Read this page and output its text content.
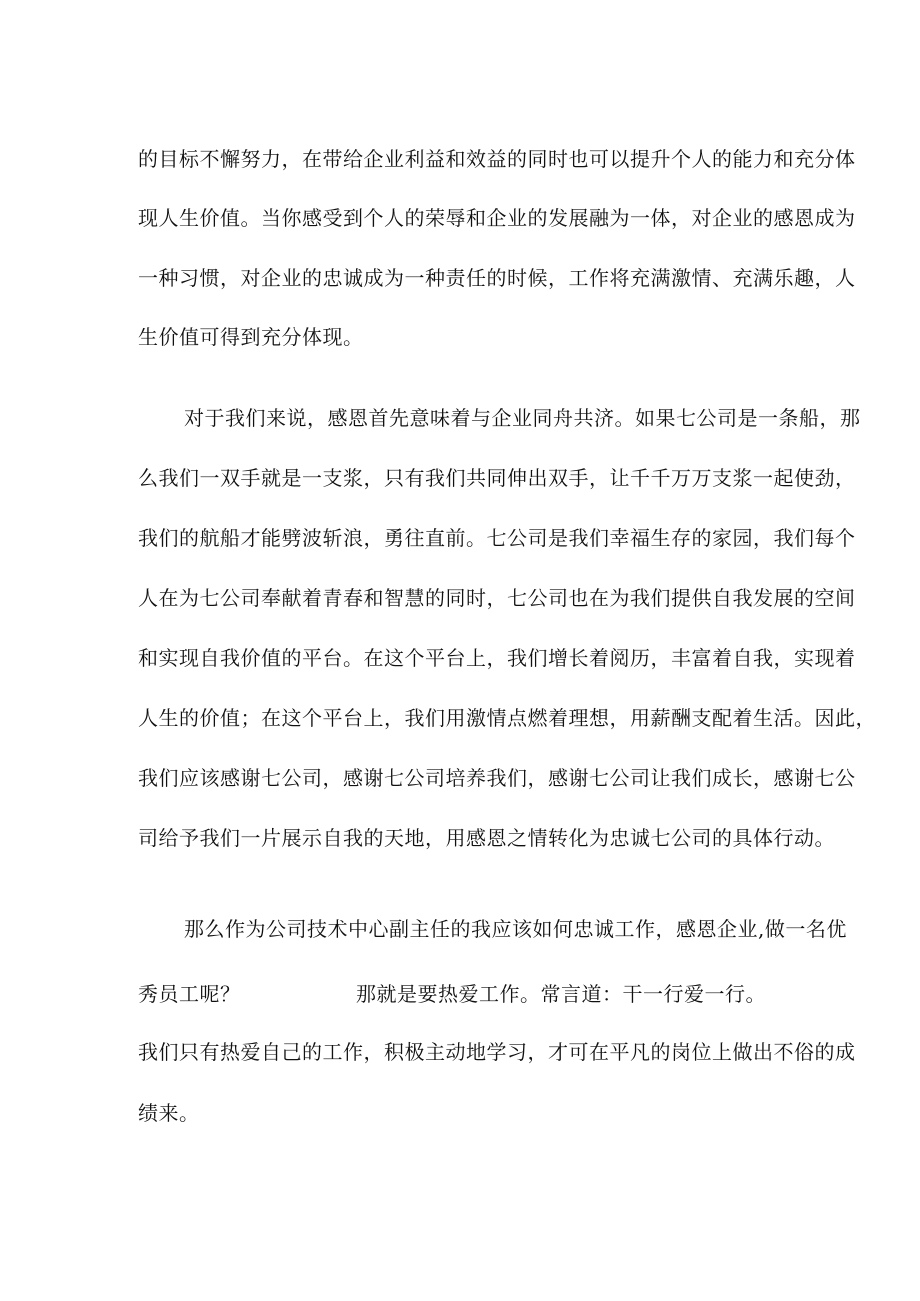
的目标不懈努力，在带给企业利益和效益的同时也可以提升个人的能力和充分体
现人生价值。当你感受到个人的荣辱和企业的发展融为一体，对企业的感恩成为
一种习惯，对企业的忠诚成为一种责任的时候，工作将充满激情、充满乐趣，人
生价值可得到充分体现。
对于我们来说，感恩首先意味着与企业同舟共济。如果七公司是一条船，那
么我们一双手就是一支浆，只有我们共同伸出双手，让千千万万支浆一起使劲，
我们的航船才能劈波斩浪，勇往直前。七公司是我们幸福生存的家园，我们每个
人在为七公司奉献着青春和智慧的同时，七公司也在为我们提供自我发展的空间
和实现自我价值的平台。在这个平台上，我们增长着阅历，丰富着自我，实现着
人生的价值；在这个平台上，我们用激情点燃着理想，用薪酬支配着生活。因此，
我们应该感谢七公司，感谢七公司培养我们，感谢七公司让我们成长，感谢七公
司给予我们一片展示自我的天地，用感恩之情转化为忠诚七公司的具体行动。
那么作为公司技术中心副主任的我应该如何忠诚工作，感恩企业,做一名优
秀员工呢？	那就是要热爱工作。常言道：干一行爱一行。
我们只有热爱自己的工作，积极主动地学习，才可在平凡的岗位上做出不俗的成
绩来。
